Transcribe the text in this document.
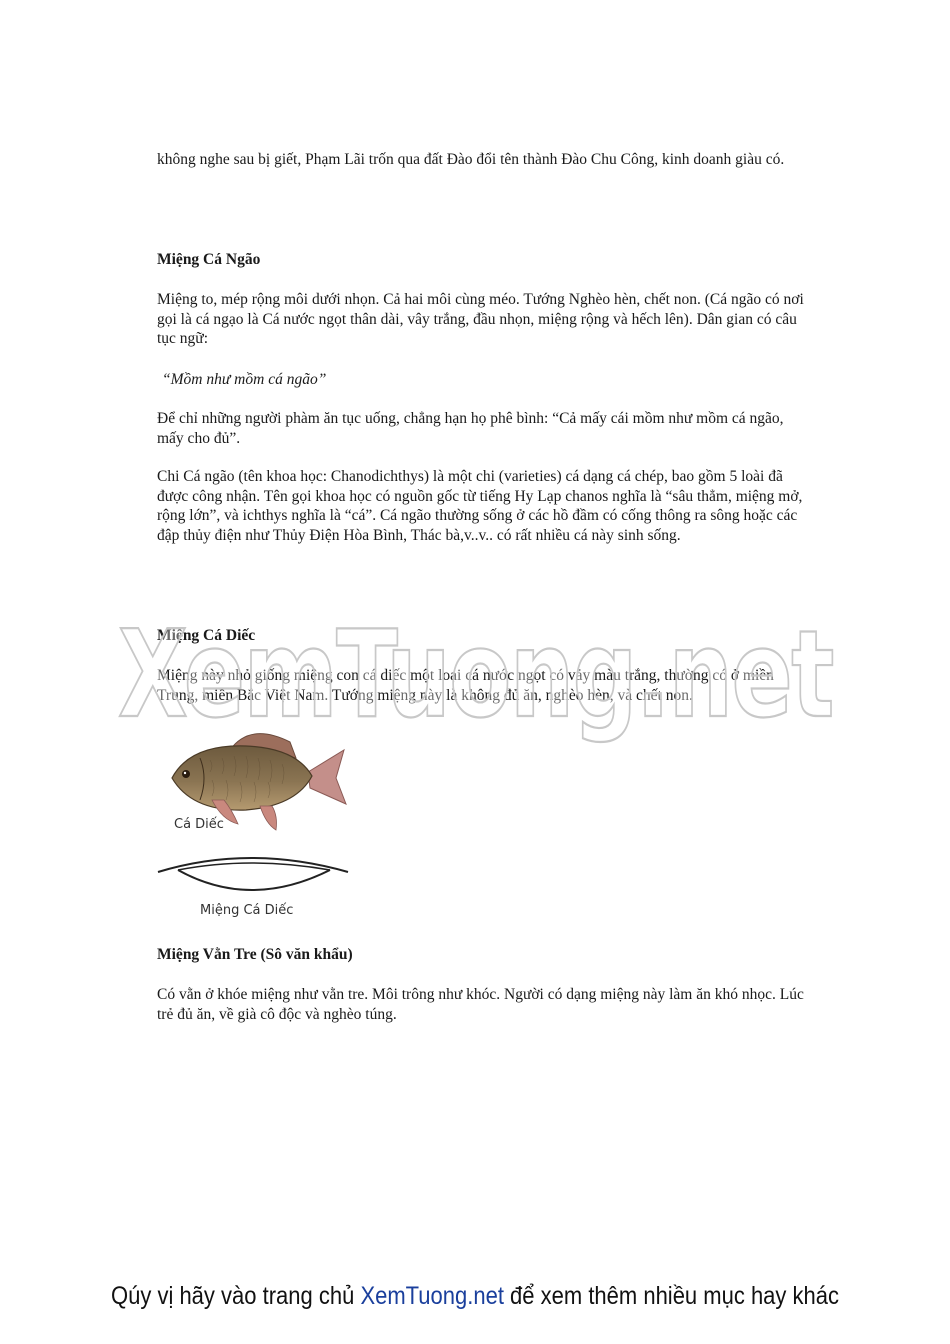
không nghe sau bị giết, Phạm Lãi trốn qua đất Đào đổi tên thành Đào Chu Công, kinh doanh giàu có.

Miệng Cá Ngão

Miệng to, mép rộng môi dưới nhọn. Cả hai môi cùng méo. Tướng Nghèo hèn, chết non. (Cá ngão có nơi gọi là cá ngạo là Cá nước ngọt thân dài, vây trắng, đầu nhọn, miệng rộng và hếch lên). Dân gian có câu tục ngữ:

“Mồm như mồm cá ngão”

Để chỉ những người phàm ăn tục uống, chẳng hạn họ phê bình: “Cả mấy cái mồm như mồm cá ngão, mấy cho đủ”.

Chi Cá ngão (tên khoa học: Chanodichthys) là một chi (varieties) cá dạng cá chép, bao gồm 5 loài đã được công nhận. Tên gọi khoa học có nguồn gốc từ tiếng Hy Lạp chanos nghĩa là “sâu thẳm, miệng mở, rộng lớn”, và ichthys nghĩa là “cá”. Cá ngão thường sống ở các hồ đầm có cống thông ra sông hoặc các đập thủy điện như Thủy Điện Hòa Bình, Thác bà,v..v.. có rất nhiều cá này sinh sống.

Miệng Cá Diếc

Miệng này nhỏ giống miệng con cá diếc một loại cá nước ngọt có vảy màu trắng, thường có ở miền Trung, miền Bắc Việt Nam. Tướng miệng này là không đủ ăn, nghèo hèn, và chết non.

Cá Diếc
Miệng Cá Diếc
Miệng Vằn Tre (Sô văn khẩu)

Có vằn ở khóe miệng như vằn tre. Môi trông như khóc. Người có dạng miệng này làm ăn khó nhọc. Lúc trẻ đủ ăn, về già cô độc và nghèo túng.

XemTuong.net
Qúy vị hãy vào trang chủ XemTuong.net để xem thêm nhiều mục hay khác
